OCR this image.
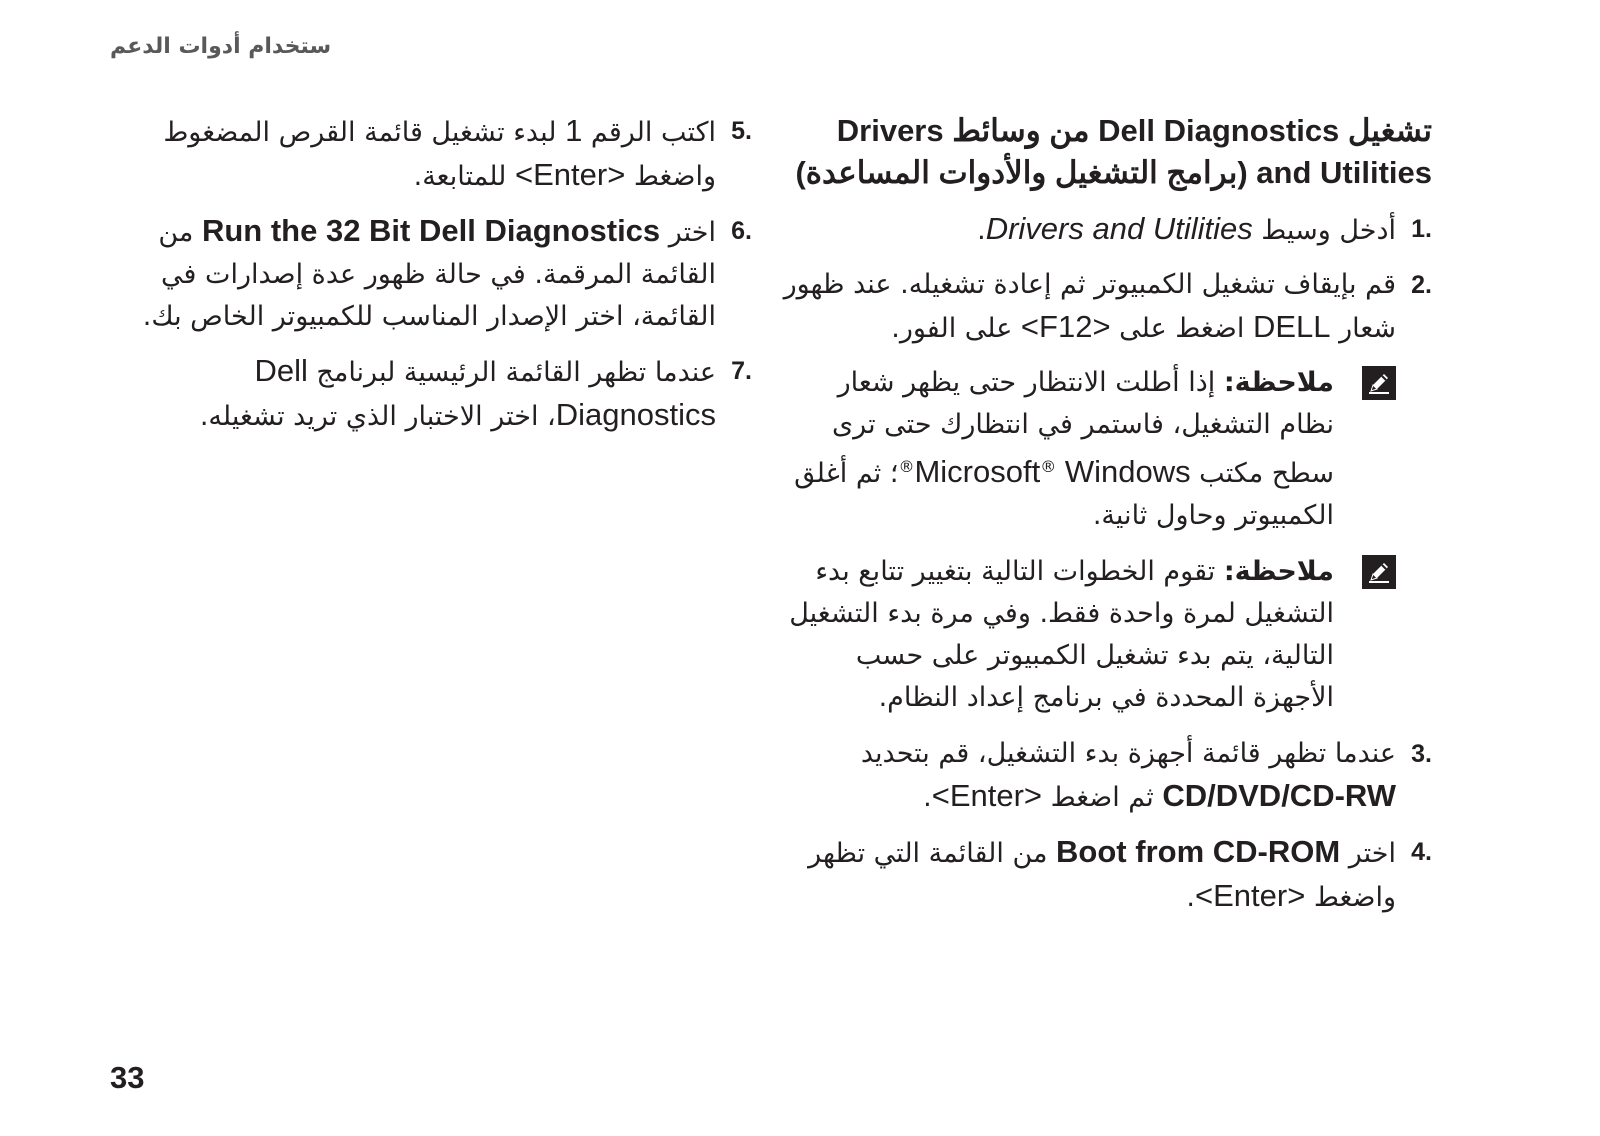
ستخدام أدوات الدعم
تشغيل Dell Diagnostics من وسائط Drivers and Utilities (برامج التشغيل والأدوات المساعدة)
1.
أدخل وسيط Drivers and Utilities.
2.
قم بإيقاف تشغيل الكمبيوتر ثم إعادة تشغيله. عند ظهور شعار DELL اضغط على <F12> على الفور.
ملاحظة: إذا أطلت الانتظار حتى يظهر شعار نظام التشغيل، فاستمر في انتظارك حتى ترى سطح مكتب Microsoft® Windows®؛ ثم أغلق الكمبيوتر وحاول ثانية.
ملاحظة: تقوم الخطوات التالية بتغيير تتابع بدء التشغيل لمرة واحدة فقط. وفي مرة بدء التشغيل التالية، يتم بدء تشغيل الكمبيوتر على حسب الأجهزة المحددة في برنامج إعداد النظام.
3.
عندما تظهر قائمة أجهزة بدء التشغيل، قم بتحديد CD/DVD/CD-RW ثم اضغط <Enter>.
4.
اختر Boot from CD-ROM من القائمة التي تظهر واضغط <Enter>.
5.
اكتب الرقم 1 لبدء تشغيل قائمة القرص المضغوط واضغط <Enter> للمتابعة.
6.
اختر Run the 32 Bit Dell Diagnostics من القائمة المرقمة. في حالة ظهور عدة إصدارات في القائمة، اختر الإصدار المناسب للكمبيوتر الخاص بك.
7.
عندما تظهر القائمة الرئيسية لبرنامج Dell Diagnostics، اختر الاختبار الذي تريد تشغيله.
33
